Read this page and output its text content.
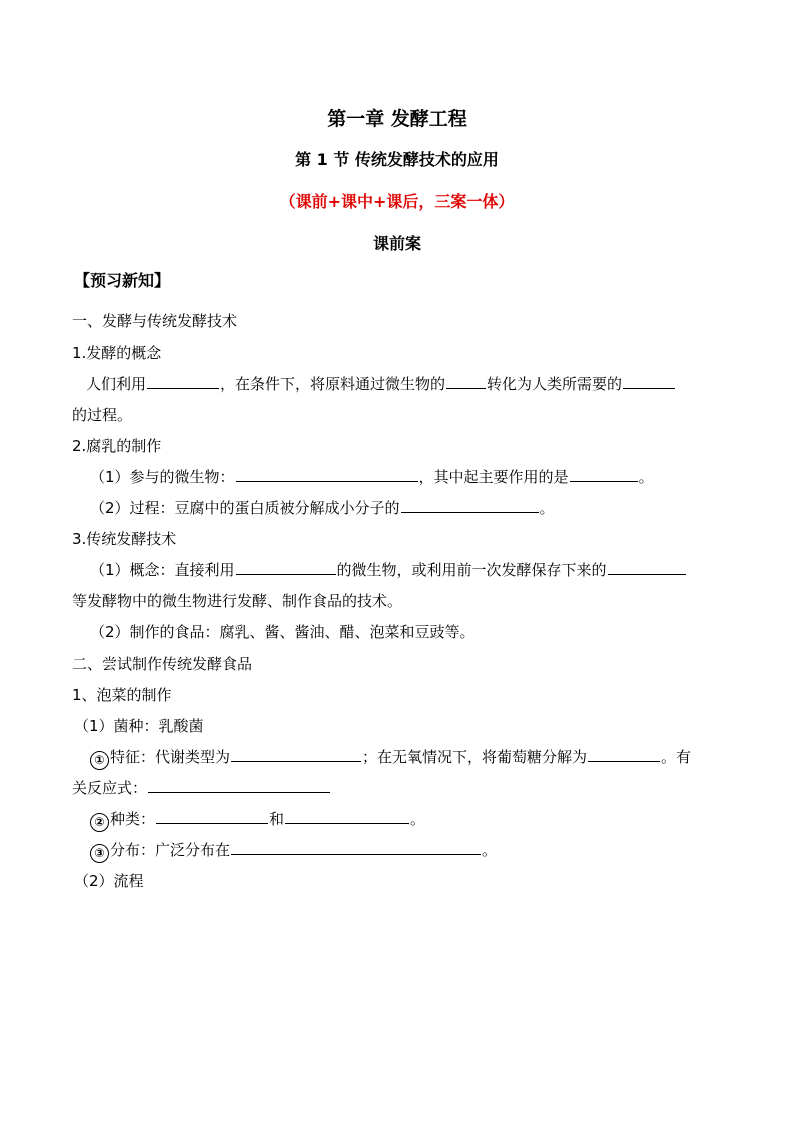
第一章 发酵工程
第 1 节 传统发酵技术的应用
（课前+课中+课后，三案一体）
课前案
【预习新知】
一、发酵与传统发酵技术
1.发酵的概念
人们利用	，在条件下，将原料通过微生物的	转化为人类所需要的
的过程。
2.腐乳的制作
（1）参与的微生物：	，其中起主要作用的是	。
（2）过程：豆腐中的蛋白质被分解成小分子的	。
3.传统发酵技术
（1）概念：直接利用	的微生物，或利用前一次发酵保存下来的
等发酵物中的微生物进行发酵、制作食品的技术。
（2）制作的食品：腐乳、酱、酱油、醋、泡菜和豆豉等。
二、尝试制作传统发酵食品
1、泡菜的制作
（1）菌种：乳酸菌
① 特征：代谢类型为	；在无氧情况下，将葡萄糖分解为	。有
关反应式：
② 种类：	和	。
③ 分布：广泛分布在	。
（2）流程
